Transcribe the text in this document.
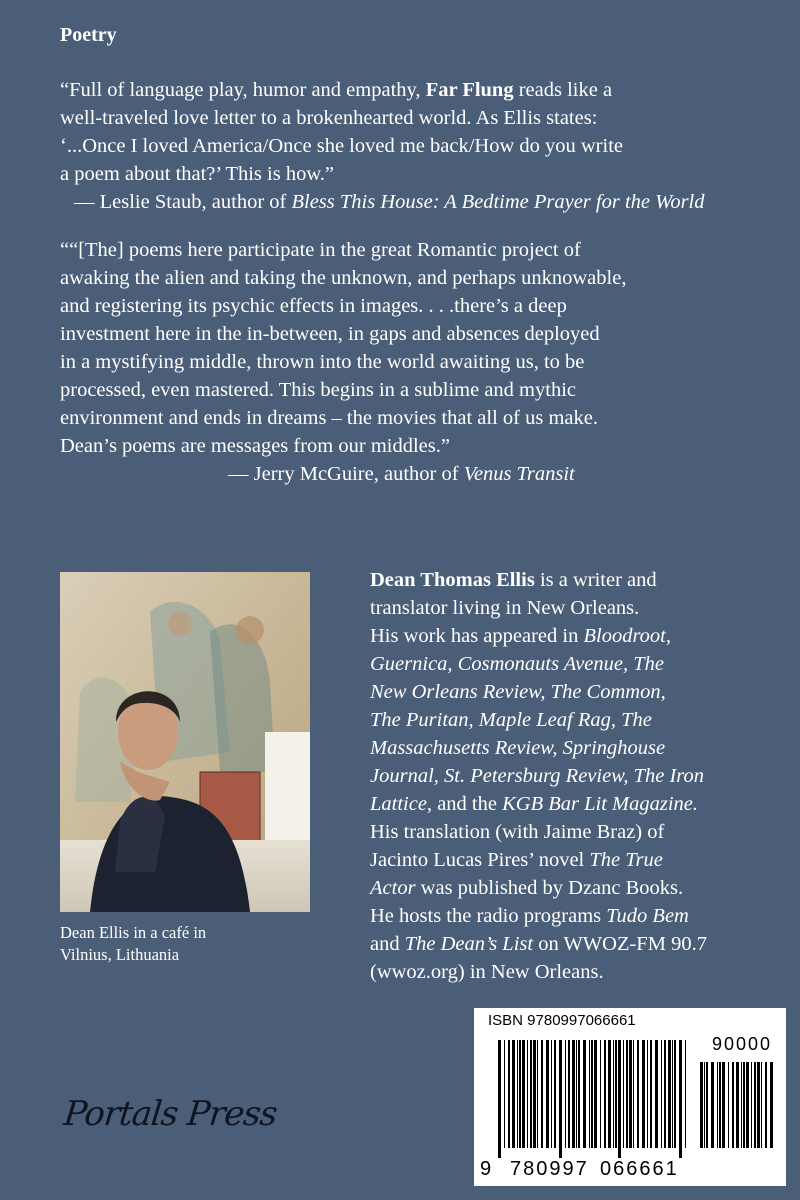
Poetry

“Full of language play, humor and empathy, Far Flung reads like a

well-traveled love letter to a brokenhearted world. As Ellis states:

‘...Once I loved America/Once she loved me back/How do you write

a poem about that?’ This is how.”

— Leslie Staub, author of Bless This House: A Bedtime Prayer for the World

““[The] poems here participate in the great Romantic project of

awaking the alien and taking the unknown, and perhaps unknowable,

and registering its psychic effects in images. . . .there’s a deep

investment here in the in-between, in gaps and absences deployed

in a mystifying middle, thrown into the world awaiting us, to be

processed, even mastered. This begins in a sublime and mythic

environment and ends in dreams – the movies that all of us make.

Dean’s poems are messages from our middles.”

— Jerry McGuire, author of Venus Transit

Dean Ellis in a café in
Vilnius, Lithuania

Dean Thomas Ellis is a writer and

translator living in New Orleans.

His work has appeared in Bloodroot,

Guernica, Cosmonauts Avenue, The

New Orleans Review, The Common,

The Puritan, Maple Leaf Rag, The

Massachusetts Review, Springhouse

Journal, St. Petersburg Review, The Iron

Lattice, and the KGB Bar Lit Magazine.

His translation (with Jaime Braz) of

Jacinto Lucas Pires’ novel The True

Actor was published by Dzanc Books.

He hosts the radio programs Tudo Bem

and The Dean’s List on WWOZ-FM 90.7

(wwoz.org) in New Orleans.

Portals Press
ISBN 9780997066661
90000
9 780997 066661
